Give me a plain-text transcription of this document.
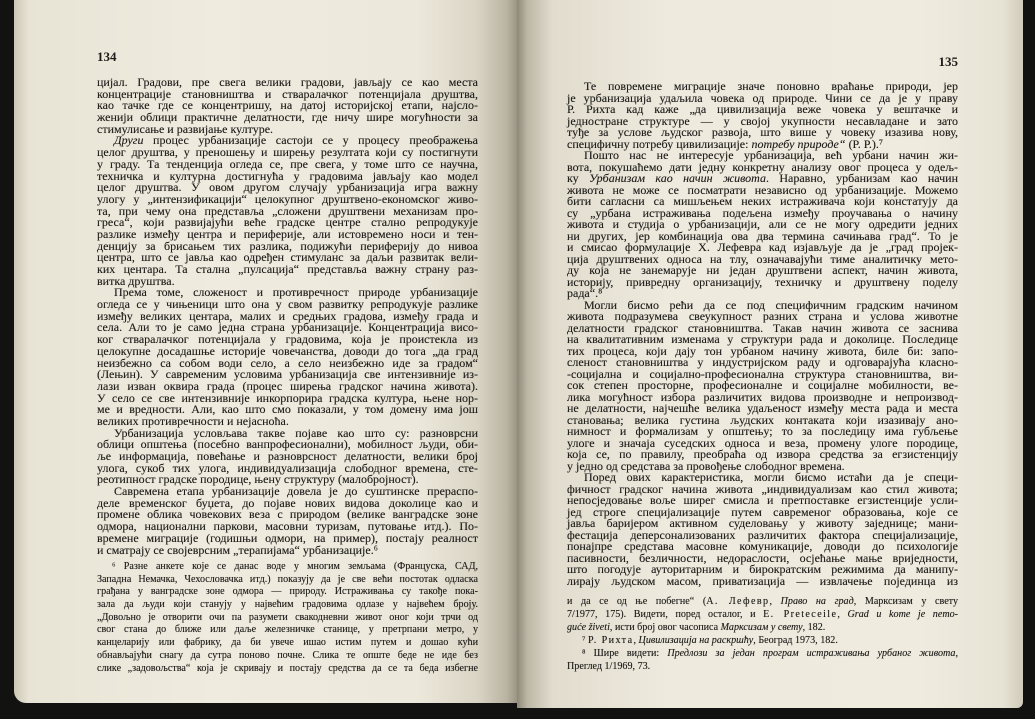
134
цијал. Градови, пре свега велики градови, јављају се као места
концентрације становништва и стваралачког потенцијала друштва,
као тачке где се концентришу, на датој историјској етапи, најсло-
женији облици практичне делатности, где ничу шире могућности за
стимулисање и развијање културе.
Други процес урбанизације састоји се у процесу преображења
целог друштва, у преношењу и ширењу резултата који су постигнути
у граду. Та тенденција огледа се, пре свега, у томе што се научна,
техничка и културна достигнућа у градовима јављају као модел
целог друштва. У овом другом случају урбанизација игра важну
улогу у „интензификацији“ целокупног друштвено-економског живо-
та, при чему она представља „сложени друштвени механизам про-
греса“, који развијајући веће градске центре стално репродукује
разлике између центра и периферије, али истовремено носи и тен-
денцију за брисањем тих разлика, подижући периферију до нивоа
центра, што се јавља као одређен стимуланс за даљи развитак вели-
ких центара. Та стална „пулсација“ представља важну страну раз-
витка друштва.
Према томе, сложеност и противречност природе урбанизације
огледа се у чињеници што она у свом развитку репродукује разлике
између великих центара, малих и средњих градова, између града и
села. Али то је само једна страна урбанизације. Концентрација висо-
ког стваралачког потенцијала у градовима, која је проистекла из
целокупне досадашње историје човечанства, доводи до тога „да град
неизбежно са собом води село, а село неизбежно иде за градом“
(Лењин). У савременим условима урбанизација све интензивније из-
лази изван оквира града (процес ширења градског начина живота).
У село се све интензивније инкорпорира градска култура, њене нор-
ме и вредности. Али, као што смо показали, у том домену има још
великих противречности и нејасноћа.
Урбанизација условљава такве појаве као што су: разноврсни
облици општења (посебно ванпрофесионални), мобилност људи, оби-
ље информација, повећање и разноврсност делатности, велики број
улога, сукоб тих улога, индивидуализација слободног времена, сте-
реотипност градске породице, њену структуру (малобројност).
Савремена етапа урбанизације довела је до суштинске прераспо-
деле временског буџета, до појаве нових видова доколице као и
промене облика човекових веза с природом (велике ванградске зоне
одмора, национални паркови, масовни туризам, путовање итд.). По-
времене миграције (годишњи одмори, на пример), постају реалност
и сматрају се својеврсним „терапијама“ урбанизације.⁶
⁶ Разне анкете које се данас воде у многим земљама (Француска, САД,
Западна Немачка, Чехословачка итд.) показују да је све већи постотак одласка
грађана у ванградске зоне одмора — природу. Истраживања су такође пока-
зала да људи који станују у највећим градовима одлазе у највећем броју.
„Довољно је отворити очи па разумети свакодневни живот оног који трчи од
свог стана до ближе или даље железничке станице, у претрпани метро, у
канцеларију или фабрику, да би увече ишао истим путем и дошао кући
обнављајући снагу да сутра поново почне. Слика те опште беде не иде без
слике „задовољства“ која је скривају и постају средства да се та беда избегне
135
Те повремене миграције значе поновно враћање природи, јер
је урбанизација удаљила човека од природе. Чини се да је у праву
Р. Рихта кад каже „да цивилизација веже човека у вештачке и
једностране структуре — у својој укупности несавладане и зато
туђе за услове људског развоја, што више у човеку изазива нову,
специфичну потребу цивилизације: потребу природе“ (Р. Р.).⁷
Пошто нас не интересује урбанизација, већ урбани начин жи-
вота, покушаћемо дати једну конкретну анализу овог процеса у одељ-
ку Урбанизам као начин живота. Наравно, урбанизам као начин
живота не може се посматрати независно од урбанизације. Можемо
бити сагласни са мишљењем неких истраживача који констатују да
су „урбана истраживања подељена између проучавања о начину
живота и студија о урбанизацији, али се не могу одредити једних
ни других, јер комбинација ова два термина сачињава град“. То је
и смисао формулације Х. Лефевра кад изјављује да је „град пројек-
ција друштвених односа на тлу, означавајући тиме аналитичку мето-
ду која не занемарује ни један друштвени аспект, начин живота,
историју, привредну организацију, техничку и друштвену поделу
рада“.⁸
Могли бисмо рећи да се под специфичним градским начином
живота подразумева свеукупност разних страна и услова животне
делатности градског становништва. Такав начин живота се заснива
на квалитативним изменама у структури рада и доколице. Последице
тих процеса, који дају тон урбаном начину живота, биле би: запо-
сленост становништва у индустријском раду и одговарајућа класно-
-социјална и социјално-професионална структура становништва, ви-
сок степен просторне, професионалне и социјалне мобилности, ве-
лика могућност избора различитих видова производне и непроизвод-
не делатности, најчешће велика удаљеност између места рада и места
становања; велика густина људских контаката који изазивају ано-
нимност и формализам у општењу; то за последицу има губљење
улоге и значаја суседских односа и веза, промену улоге породице,
која се, по правилу, преобраћа од извора средства за егзистенцију
у једно од средстава за провођење слободног времена.
Поред ових карактеристика, могли бисмо истаћи да је специ-
фичност градског начина живота „индивидуализам као стил живота;
непосједовање воље ширег смисла и претпоставке егзистенције усли-
јед строге специјализације путем савременог образовања, које се
јавља баријером активном суделовању у животу заједнице; мани-
фестација деперсонализованих различитих фактора специјализације,
понајпре средстава масовне комуникације, доводи до психологије
пасивности, безличности, недораслости, осјећање мање вриједности,
што погодује ауторитарним и бирократским режимима да манипу-
лирају људском масом, приватизација — извлачење појединца из
и да се од ње побегне“ (А. Лефевр, Право на град, Марксизам у свету
7/1977, 175). Видети, поред осталог, и E. Preteceile, Grad u kome je nemo-
guće živeti, исти број овог часописа Марксизам у свету, 182.
⁷ Р. Рихта, Цивилизација на раскршћу, Београд 1973, 182.
⁸ Шире видети: Предлози за један програм истраживања урбаног живота,
Преглед 1/1969, 73.
